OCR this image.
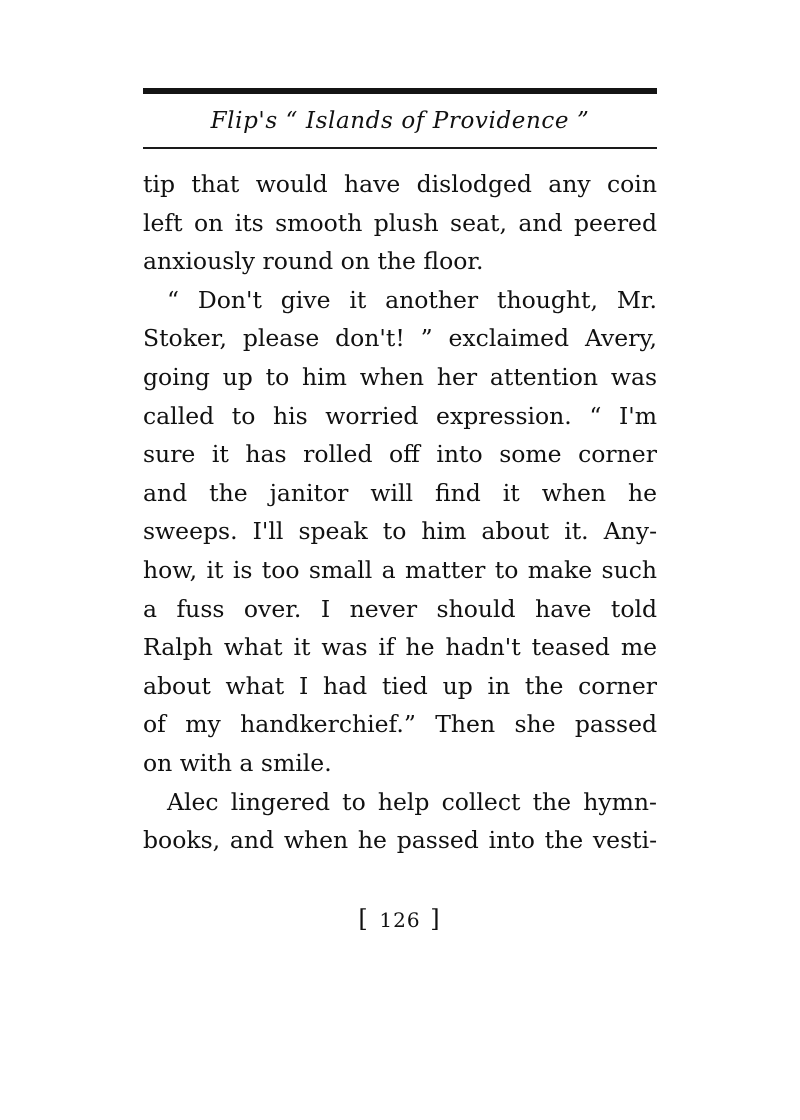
Flip's “ Islands of Providence ”

tip that would have dislodged any coin
left on its smooth plush seat, and peered
anxiously round on the floor.

“ Don't give it another thought, Mr.
Stoker, please don't! ” exclaimed Avery,
going up to him when her attention was
called to his worried expression. “ I'm
sure it has rolled off into some corner
and the janitor will find it when he
sweeps. I'll speak to him about it. Any-
how, it is too small a matter to make such
a fuss over. I never should have told
Ralph what it was if he hadn't teased me
about what I had tied up in the corner
of my handkerchief.” Then she passed
on with a smile.

Alec lingered to help collect the hymn-
books, and when he passed into the vesti-

[ 126 ]
